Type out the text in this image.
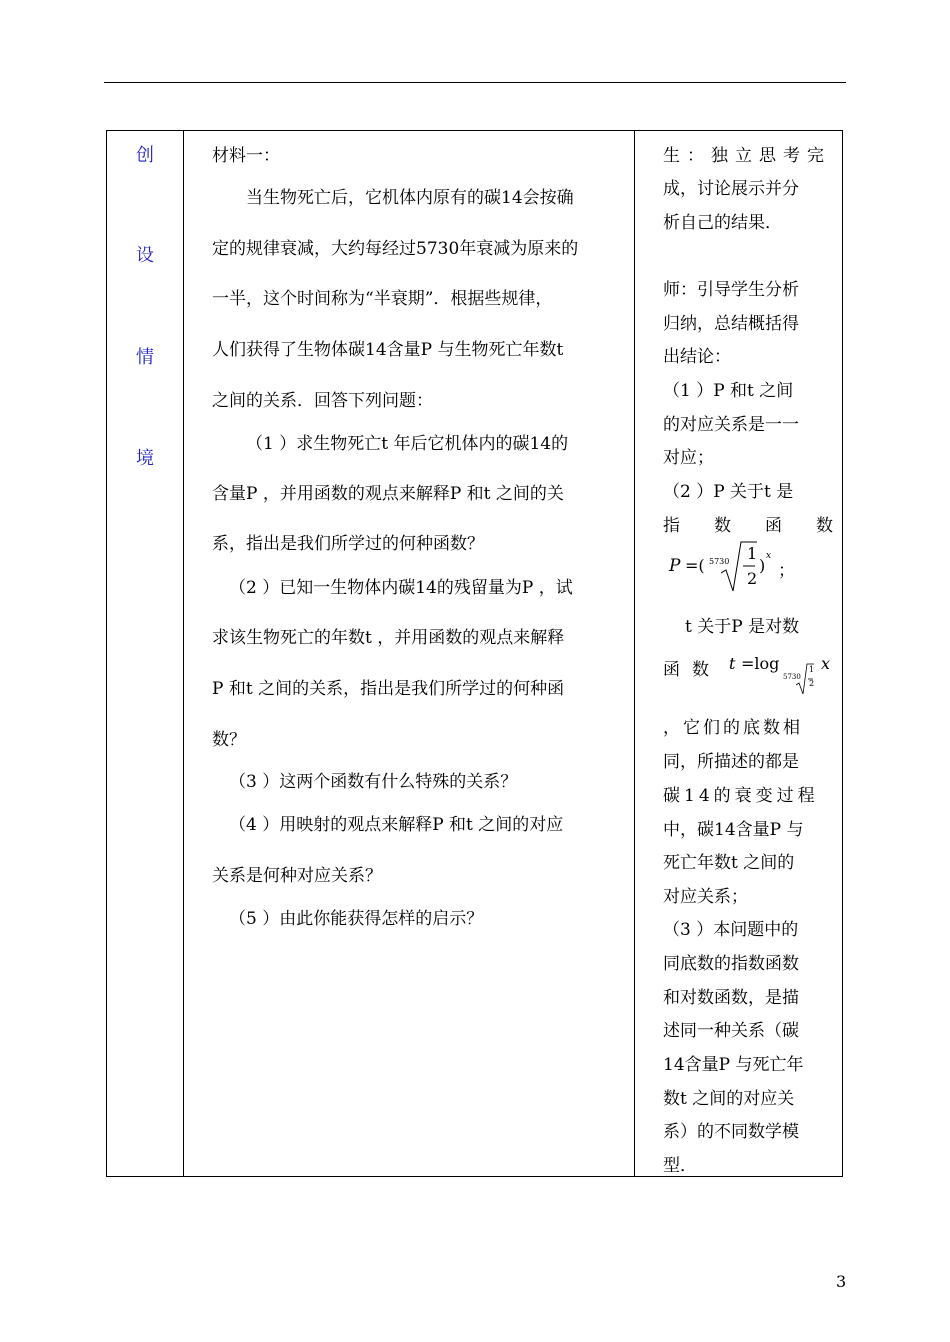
创
设
情
境
材料一：
当生物死亡后，它机体内原有的碳14会按确
定的规律衰减，大约每经过5730年衰减为原来的
一半，这个时间称为“半衰期”．根据些规律，
人们获得了生物体碳14含量P 与生物死亡年数t
之间的关系．回答下列问题：
（1 ）求生物死亡t 年后它机体内的碳14的
含量P ，并用函数的观点来解释P 和t 之间的关
系，指出是我们所学过的何种函数？
（2 ）已知一生物体内碳14的残留量为P ，试
求该生物死亡的年数t ，并用函数的观点来解释
P 和t 之间的关系，指出是我们所学过的何种函
数？
（3 ）这两个函数有什么特殊的关系？
（4 ）用映射的观点来解释P 和t 之间的对应
关系是何种对应关系？
（5 ）由此你能获得怎样的启示？
生：独立思考完
成，讨论展示并分
析自己的结果．
师：引导学生分析
归纳，总结概括得
出结论：
（1 ）P 和t 之间
的对应关系是一一
对应；
（2 ）P 关于t 是
指数函数
P =( 5730 1
2
) x
；
t 关于P 是对数
函数 t =log
5730
1
2
x
，它们的底数相
同，所描述的都是
碳14的衰变过程
中，碳14含量P 与
死亡年数t 之间的
对应关系；
（3 ）本问题中的
同底数的指数函数
和对数函数，是描
述同一种关系（碳
14含量P 与死亡年
数t 之间的对应关
系）的不同数学模
型．
3
